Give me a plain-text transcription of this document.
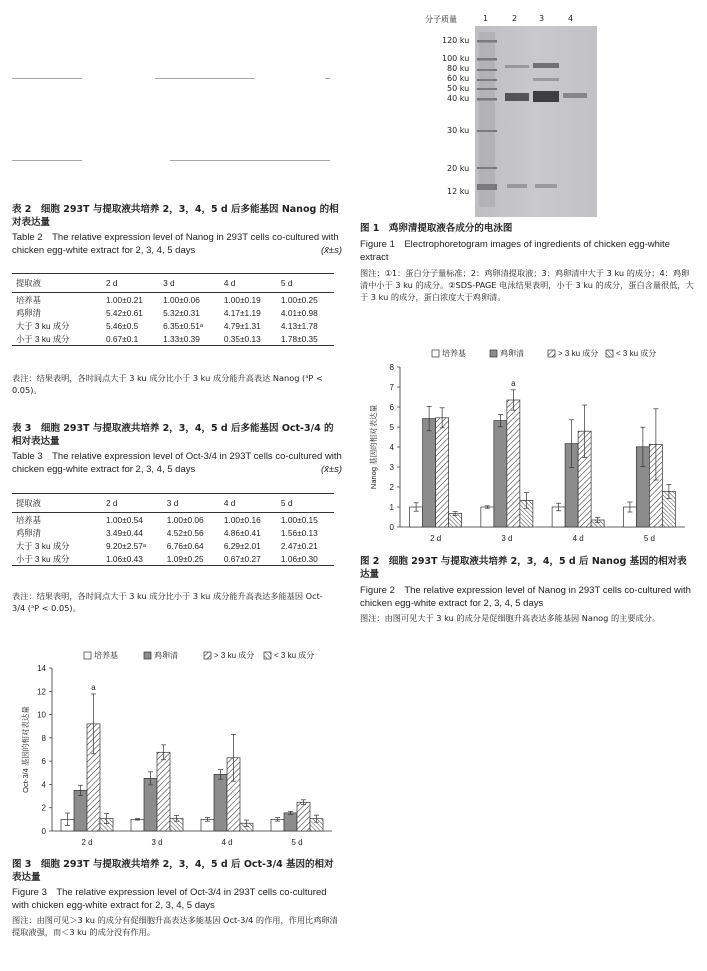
分子质量	1	2	3	4
120 ku
100 ku
80 ku
60 ku
50 ku
40 ku
30 ku
20 ku
12 ku
图 1　鸡卵清提取液各成分的电泳图
Figure 1　Electrophoretogram images of ingredients of chicken egg-white extract
图注：①1：蛋白分子量标准；2：鸡卵清提取液；3：鸡卵清中大于 3 ku 的成分；4：鸡卵清中小于 3 ku 的成分。②SDS-PAGE 电泳结果表明，小于 3 ku 的成分，蛋白含量很低，大于 3 ku 的成分，蛋白浓度大于鸡卵清。
表 2　细胞 293T 与提取液共培养 2，3，4，5 d 后多能基因 Nanog 的相对表达量
Table 2　The relative expression level of Nanog in 293T cells co-cultured with chicken egg-white extract for 2, 3, 4, 5 days	(x̄±s)
提取液	2 d	3 d	4 d	5 d
培养基	1.00±0.21	1.00±0.06	1.00±0.19	1.00±0.25
鸡卵清	5.42±0.61	5.32±0.31	4.17±1.19	4.01±0.98
大于 3 ku 成分	5.46±0.5	6.35±0.51ᵃ	4.79±1.31	4.13±1.78
小于 3 ku 成分	0.67±0.1	1.33±0.39	0.35±0.13	1.78±0.35
表注：结果表明，各时间点大于 3 ku 成分比小于 3 ku 成分能升高表达 Nanog (ᵃP < 0.05)。
表 3　细胞 293T 与提取液共培养 2，3，4，5 d 后多能基因 Oct-3/4 的相对表达量
Table 3　The relative expression level of Oct-3/4 in 293T cells co-cultured with chicken egg-white extract for 2, 3, 4, 5 days	(x̄±s)
提取液	2 d	3 d	4 d	5 d
培养基	1.00±0.54	1.00±0.06	1.00±0.16	1.00±0.15
鸡卵清	3.49±0.44	4.52±0.56	4.86±0.41	1.56±0.13
大于 3 ku 成分	9.20±2.57ᵃ	6.76±0.64	6.29±2.01	2.47±0.21
小于 3 ku 成分	1.06±0.43	1.09±0.25	0.67±0.27	1.06±0.30
表注：结果表明，各时间点大于 3 ku 成分比小于 3 ku 成分能升高表达多能基因 Oct-3/4 (ᵃP < 0.05)。
培养基	鸡卵清	> 3 ku 成分 < 3 ku 成分
0
1
2
3
4
5
6
7
8
Nanog 基因的相对表达量
2 d
a
3 d	4 d	5 d
图 2　细胞 293T 与提取液共培养 2，3，4，5 d 后 Nanog 基因的相对表达量
Figure 2　The relative expression level of Nanog in 293T cells co-cultured with chicken egg-white extract for 2, 3, 4, 5 days
图注：由图可见大于 3 ku 的成分是促细胞升高表达多能基因 Nanog 的主要成分。
培养基	鸡卵清	> 3 ku 成分 < 3 ku 成分
0
2
4
6
8
10
12
14
Oct-3/4 基因的相对表达量
a
2 d	3 d	4 d	5 d
图 3　细胞 293T 与提取液共培养 2，3，4，5 d 后 Oct-3/4 基因的相对表达量
Figure 3　The relative expression level of Oct-3/4 in 293T cells co-cultured with chicken egg-white extract for 2, 3, 4, 5 days
图注：由图可见＞3 ku 的成分有促细胞升高表达多能基因 Oct-3/4 的作用，作用比鸡卵清提取液强，而＜3 ku 的成分没有作用。
